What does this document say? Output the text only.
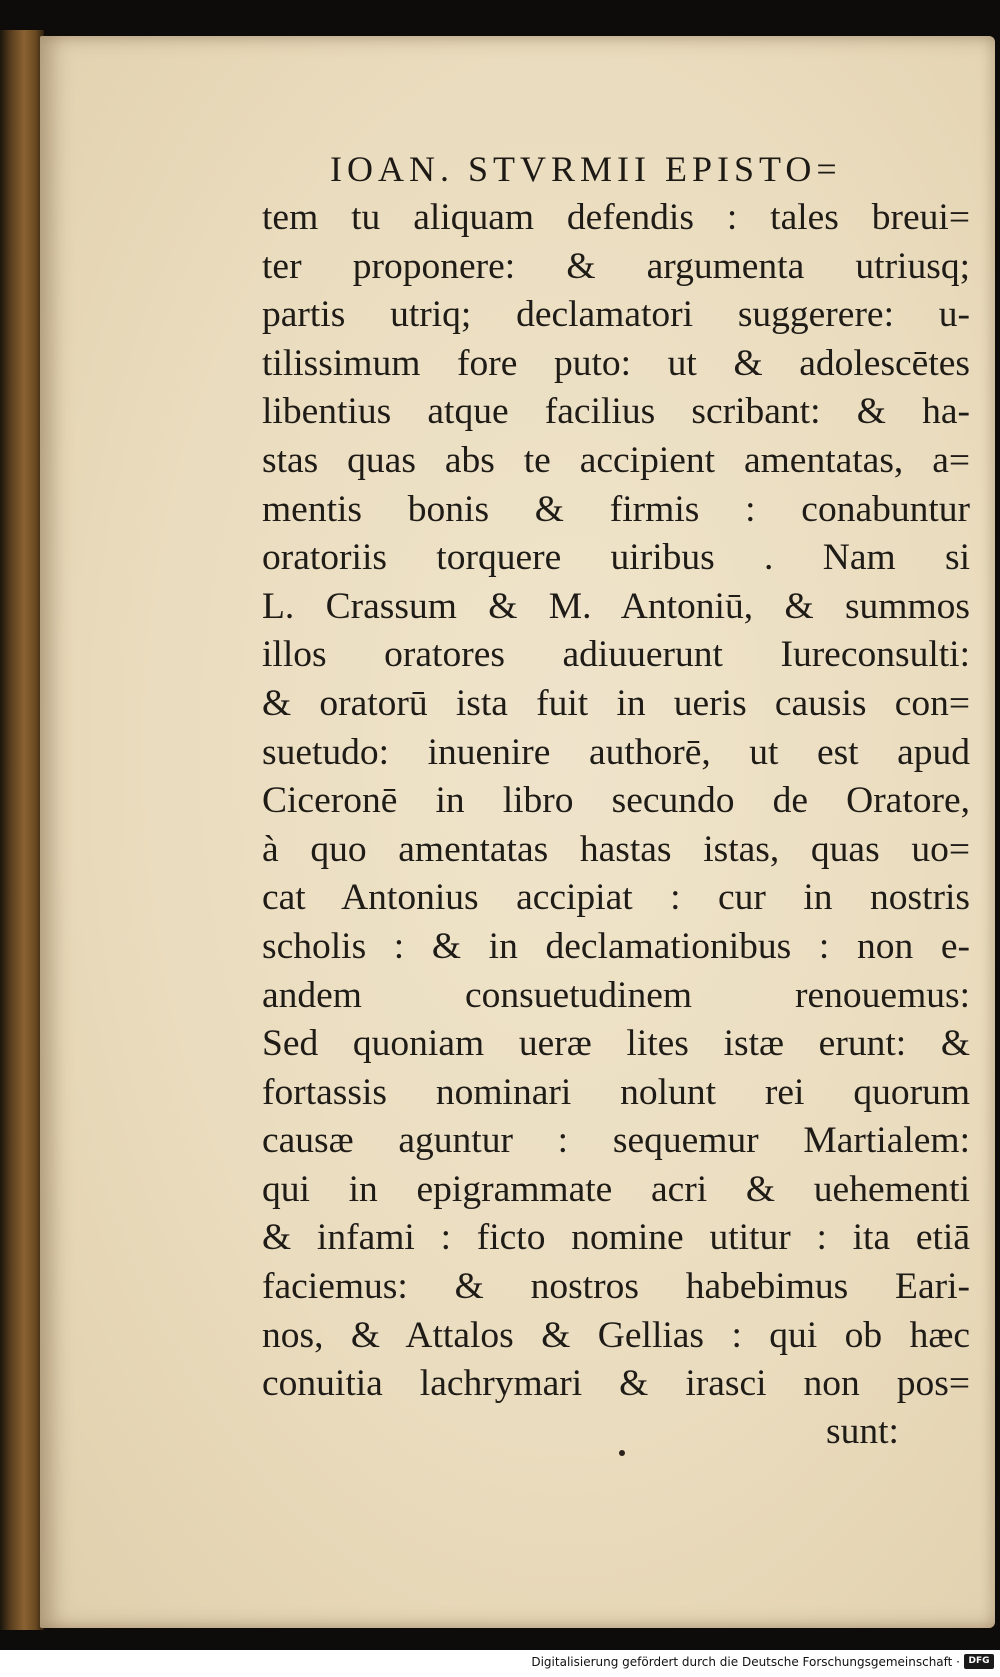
IOAN. STVRMII EPISTO=
tem tu aliquam defendis : tales breui=
ter proponere: & argumenta utriusq;
partis utriq; declamatori suggerere: u-
tilissimum fore puto: ut & adolescētes
libentius atque facilius scribant: & ha-
stas quas abs te accipient amentatas, a=
mentis bonis & firmis : conabuntur
oratoriis torquere uiribus . Nam si
L. Crassum & M. Antoniū, & summos
illos oratores adiuuerunt Iureconsulti:
& oratorū ista fuit in ueris causis con=
suetudo: inuenire authorē, ut est apud
Ciceronē in libro secundo de Oratore,
à quo amentatas hastas istas, quas uo=
cat Antonius accipiat : cur in nostris
scholis : & in declamationibus : non e-
andem consuetudinem renouemus:
Sed quoniam ueræ lites istæ erunt: &
fortassis nominari nolunt rei quorum
causæ aguntur : sequemur Martialem:
qui in epigrammate acri & uehementi
& infami : ficto nomine utitur : ita etiā
faciemus: & nostros habebimus Eari-
nos, & Attalos & Gellias : qui ob hæc
conuitia lachrymari & irasci non pos=
sunt:
Digitalisierung gefördert durch die Deutsche Forschungsgemeinschaft · DFG
